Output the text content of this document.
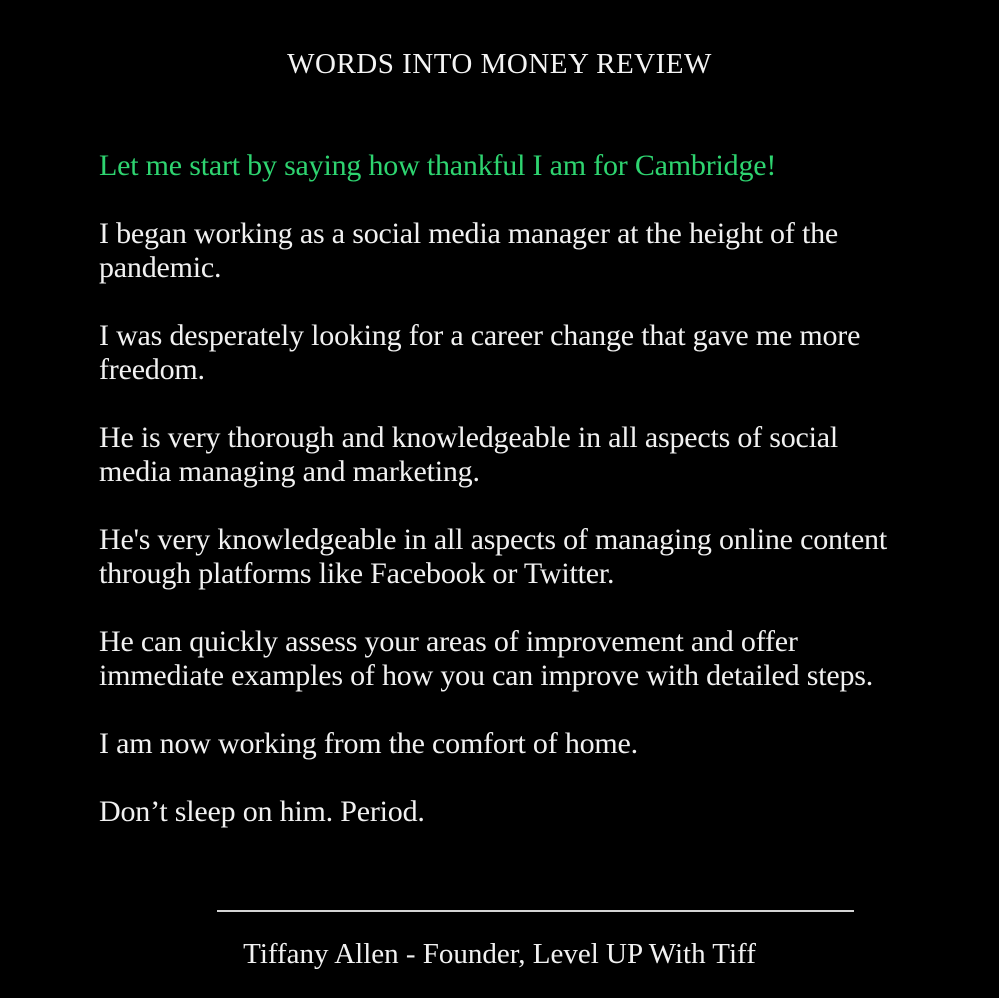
WORDS INTO MONEY REVIEW

Let me start by saying how thankful I am for Cambridge!

I began working as a social media manager at the height of the pandemic.

I was desperately looking for a career change that gave me more freedom.

He is very thorough and knowledgeable in all aspects of social media managing and marketing.

He's very knowledgeable in all aspects of managing online content through platforms like Facebook or Twitter.

He can quickly assess your areas of improvement and offer immediate examples of how you can improve with detailed steps.

I am now working from the comfort of home.

Don’t sleep on him. Period.

Tiffany Allen - Founder, Level UP With Tiff
